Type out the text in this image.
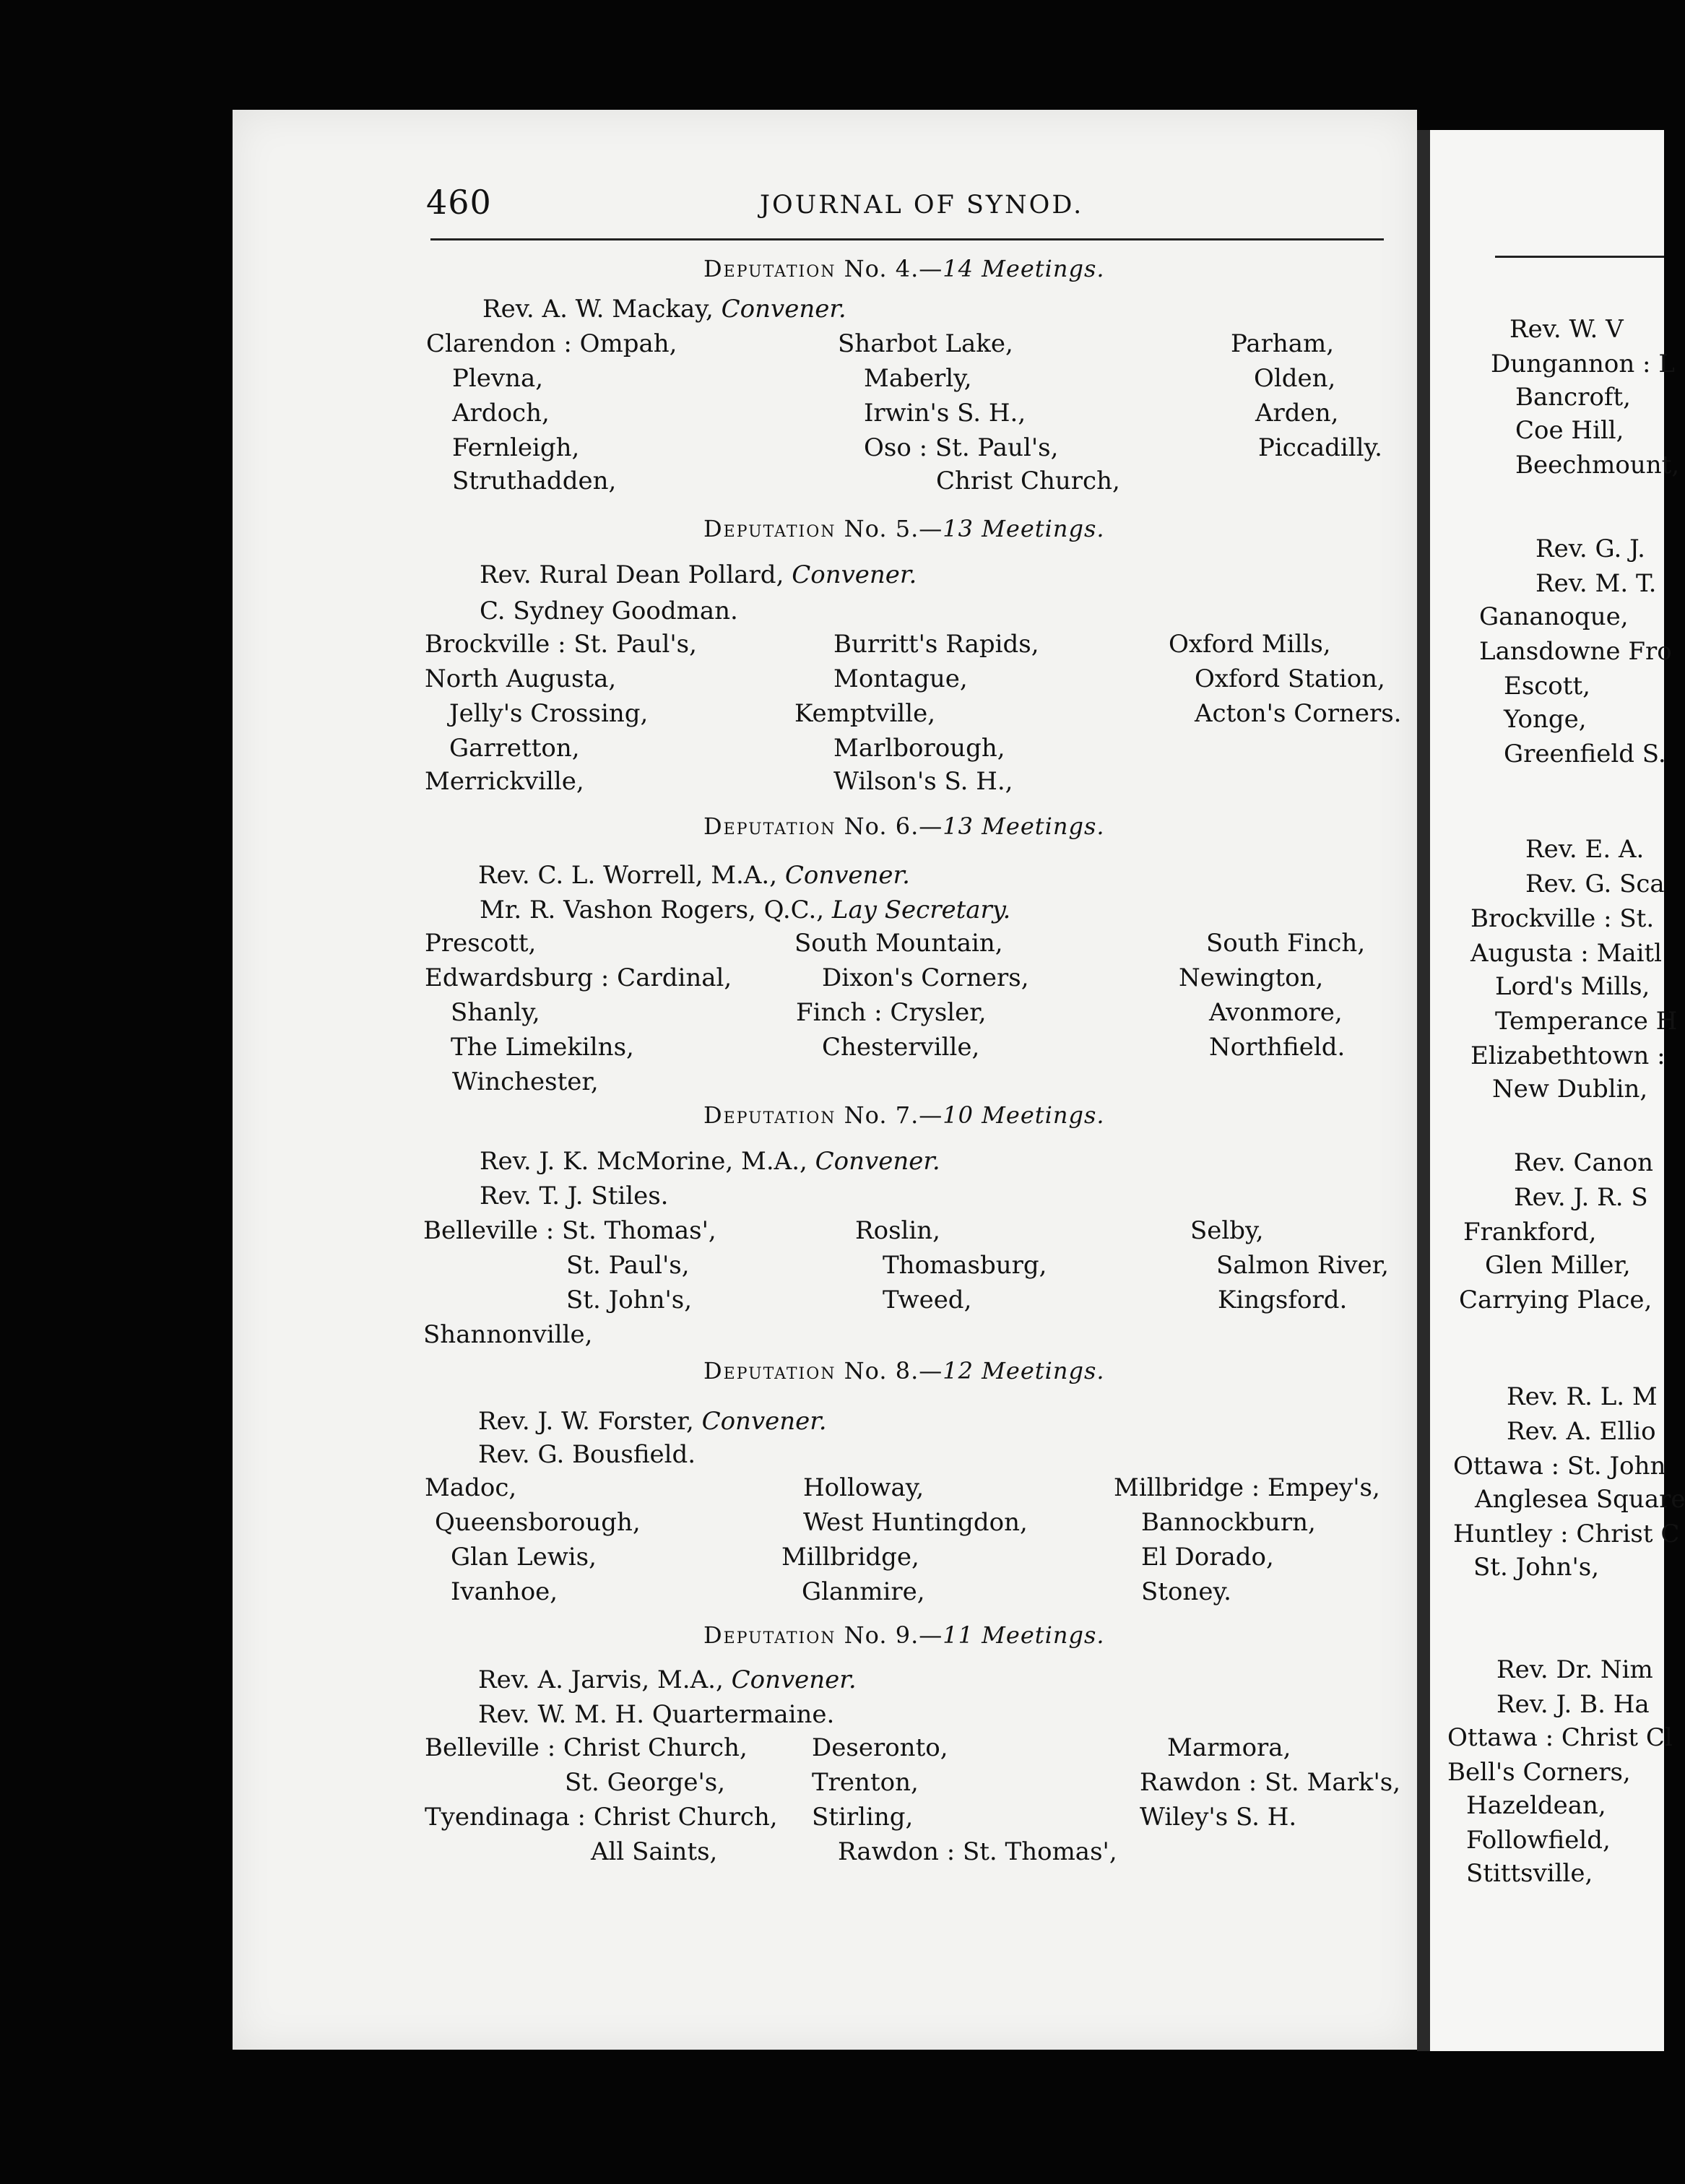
460	JOURNAL OF SYNOD.
Deputation No. 4.—14 Meetings.
Rev. A. W. Mackay, Convener.
Clarendon : Ompah,
Plevna,
Ardoch,
Fernleigh,
Struthadden,
Sharbot Lake,
Maberly,
Irwin's S. H.,
Oso : St. Paul's,
Christ Church,
Parham,
Olden,
Arden,
Piccadilly.
Deputation No. 5.—13 Meetings.
Rev. Rural Dean Pollard, Convener.
C. Sydney Goodman.
Brockville : St. Paul's,
North Augusta,
Jelly's Crossing,
Garretton,
Merrickville,
Burritt's Rapids,
Montague,
Kemptville,
Marlborough,
Wilson's S. H.,
Oxford Mills,
Oxford Station,
Acton's Corners.
Deputation No. 6.—13 Meetings.
Rev. C. L. Worrell, M.A., Convener.
Mr. R. Vashon Rogers, Q.C., Lay Secretary.
Prescott,
Edwardsburg : Cardinal,
Shanly,
The Limekilns,
Winchester,
South Mountain,
Dixon's Corners,
Finch : Crysler,
Chesterville,
South Finch,
Newington,
Avonmore,
Northfield.
Deputation No. 7.—10 Meetings.
Rev. J. K. McMorine, M.A., Convener.
Rev. T. J. Stiles.
Belleville : St. Thomas',
St. Paul's,
St. John's,
Shannonville,
Roslin,
Thomasburg,
Tweed,
Selby,
Salmon River,
Kingsford.
Deputation No. 8.—12 Meetings.
Rev. J. W. Forster, Convener.
Rev. G. Bousfield.
Madoc,
Queensborough,
Glan Lewis,
Ivanhoe,
Holloway,
West Huntingdon,
Millbridge,
Glanmire,
Millbridge : Empey's,
Bannockburn,
El Dorado,
Stoney.
Deputation No. 9.—11 Meetings.
Rev. A. Jarvis, M.A., Convener.
Rev. W. M. H. Quartermaine.
Belleville : Christ Church,
St. George's,
Tyendinaga : Christ Church,
All Saints,
Deseronto,
Trenton,
Stirling,
Rawdon : St. Thomas',
Marmora,
Rawdon : St. Mark's,
Wiley's S. H.
Rev. W. V
Dungannon : L
Bancroft,
Coe Hill,
Beechmount,
Rev. G. J.
Rev. M. T.
Gananoque,
Lansdowne Fro
Escott,
Yonge,
Greenfield S.
Rev. E. A.
Rev. G. Sca
Brockville : St.
Augusta : Maitl
Lord's Mills,
Temperance H
Elizabethtown :
New Dublin,
Rev. Canon
Rev. J. R. S
Frankford,
Glen Miller,
Carrying Place,
Rev. R. L. M
Rev. A. Ellio
Ottawa : St. John
Anglesea Square
Huntley : Christ C
St. John's,
Rev. Dr. Nim
Rev. J. B. Ha
Ottawa : Christ Cl
Bell's Corners,
Hazeldean,
Followfield,
Stittsville,
